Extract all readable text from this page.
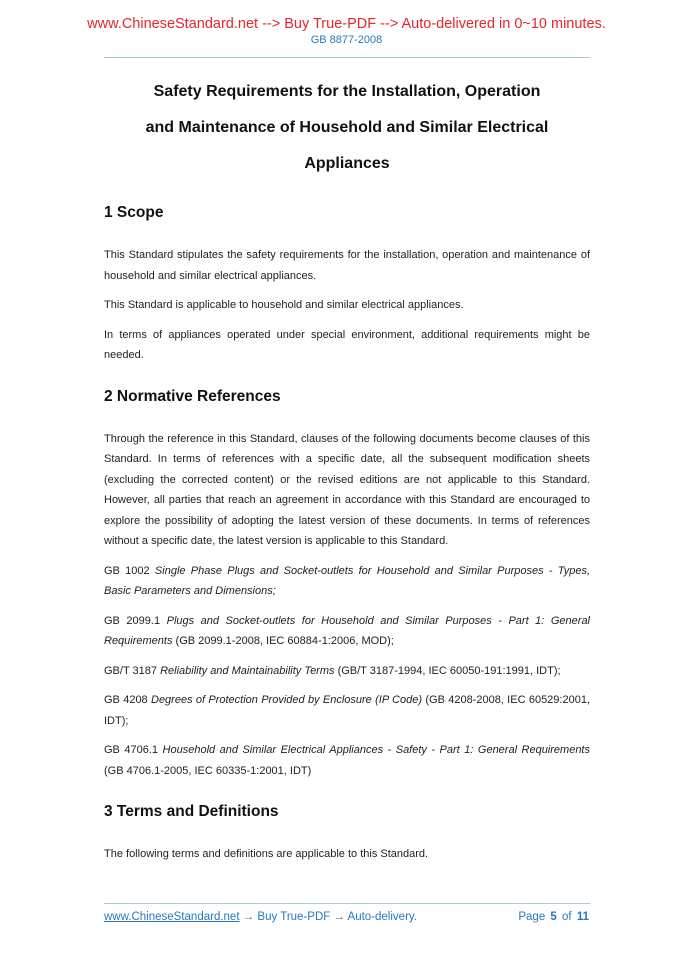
www.ChineseStandard.net --> Buy True-PDF --> Auto-delivered in 0~10 minutes.
GB 8877-2008
Safety Requirements for the Installation, Operation
and Maintenance of Household and Similar Electrical
Appliances
1 Scope

This Standard stipulates the safety requirements for the installation, operation and maintenance of household and similar electrical appliances.

This Standard is applicable to household and similar electrical appliances.

In terms of appliances operated under special environment, additional requirements might be needed.

2 Normative References

Through the reference in this Standard, clauses of the following documents become clauses of this Standard. In terms of references with a specific date, all the subsequent modification sheets (excluding the corrected content) or the revised editions are not applicable to this Standard. However, all parties that reach an agreement in accordance with this Standard are encouraged to explore the possibility of adopting the latest version of these documents. In terms of references without a specific date, the latest version is applicable to this Standard.

GB 1002 Single Phase Plugs and Socket-outlets for Household and Similar Purposes - Types, Basic Parameters and Dimensions;

GB 2099.1 Plugs and Socket-outlets for Household and Similar Purposes - Part 1: General Requirements (GB 2099.1-2008, IEC 60884-1:2006, MOD);

GB/T 3187 Reliability and Maintainability Terms (GB/T 3187-1994, IEC 60050-191:1991, IDT);

GB 4208 Degrees of Protection Provided by Enclosure (IP Code) (GB 4208-2008, IEC 60529:2001, IDT);

GB 4706.1 Household and Similar Electrical Appliances - Safety - Part 1: General Requirements (GB 4706.1-2005, IEC 60335-1:2001, IDT)

3 Terms and Definitions

The following terms and definitions are applicable to this Standard.

www.ChineseStandard.net → Buy True-PDF → Auto-delivery.	Page 5 of 11
